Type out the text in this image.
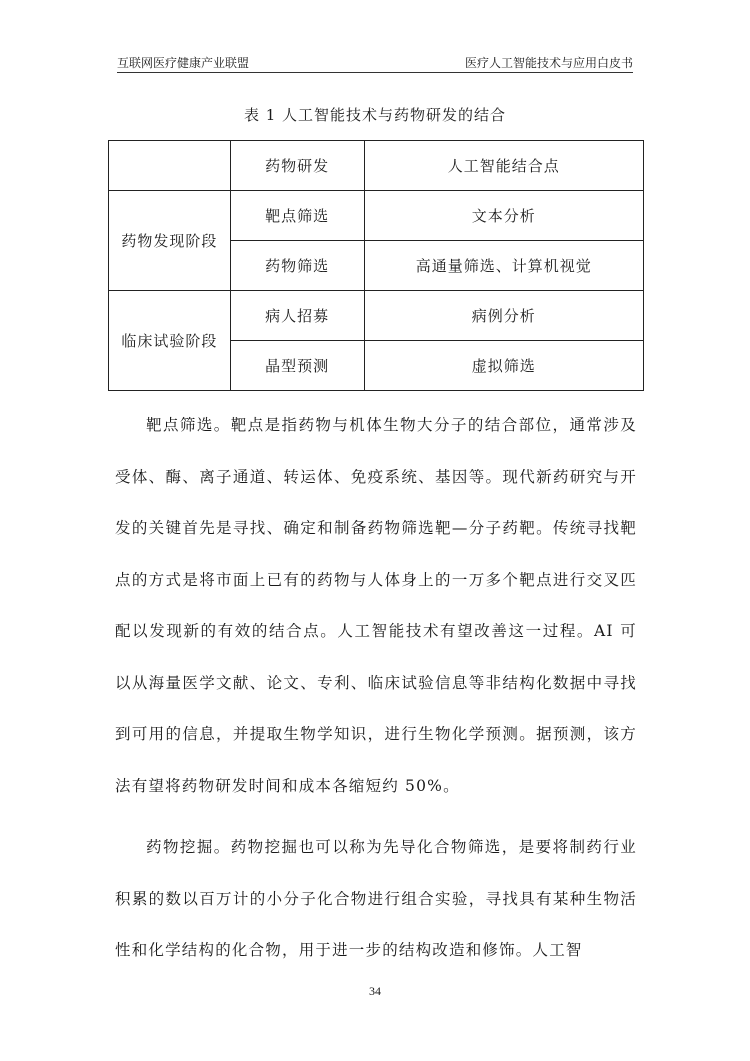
互联网医疗健康产业联盟	医疗人工智能技术与应用白皮书
表 1 人工智能技术与药物研发的结合
	药物研发	人工智能结合点
药物发现阶段	靶点筛选	文本分析
	药物筛选	高通量筛选、计算机视觉
临床试验阶段	病人招募	病例分析
	晶型预测	虚拟筛选

靶点筛选。靶点是指药物与机体生物大分子的结合部位，通常涉及受体、酶、离子通道、转运体、免疫系统、基因等。现代新药研究与开发的关键首先是寻找、确定和制备药物筛选靶—分子药靶。传统寻找靶点的方式是将市面上已有的药物与人体身上的一万多个靶点进行交叉匹配以发现新的有效的结合点。人工智能技术有望改善这一过程。AI 可以从海量医学文献、论文、专利、临床试验信息等非结构化数据中寻找到可用的信息，并提取生物学知识，进行生物化学预测。据预测，该方法有望将药物研发时间和成本各缩短约 50%。

药物挖掘。药物挖掘也可以称为先导化合物筛选，是要将制药行业积累的数以百万计的小分子化合物进行组合实验，寻找具有某种生物活性和化学结构的化合物，用于进一步的结构改造和修饰。人工智

34
